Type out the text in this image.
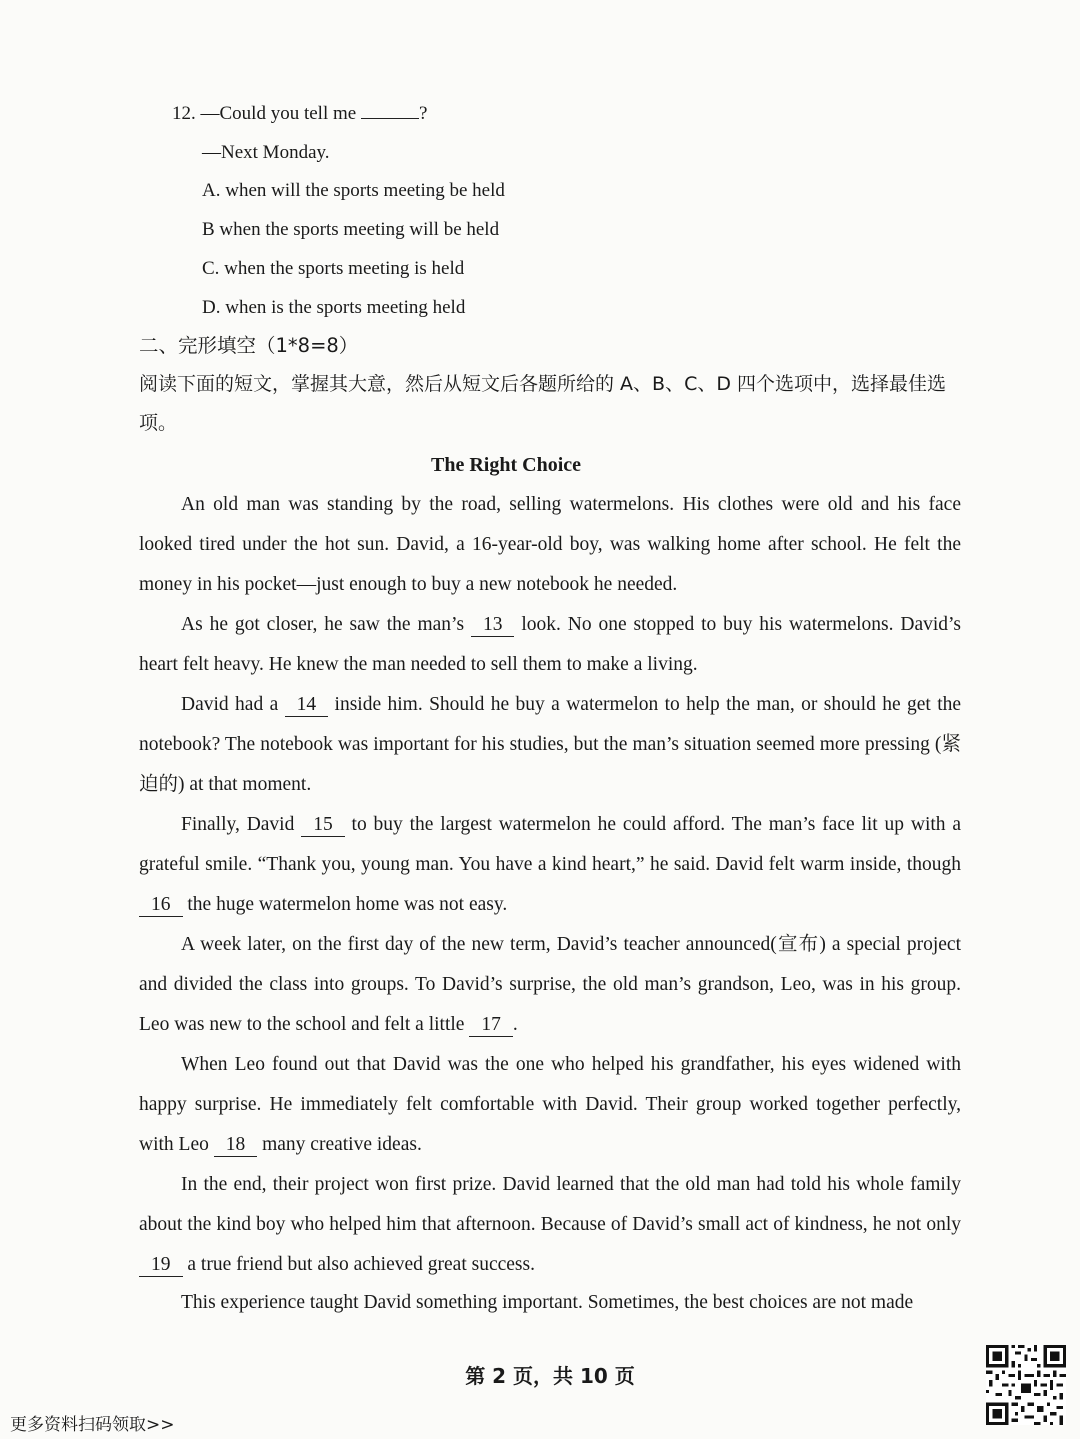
12. —Could you tell me	?
—Next Monday.
A. when will the sports meeting be held
B when the sports meeting will be held
C. when the sports meeting is held
D. when is the sports meeting held
二、完形填空（1*8=8）
阅读下面的短文，掌握其大意，然后从短文后各题所给的 A、B、C、D 四个选项中，选择最佳选项。
The Right Choice
An old man was standing by the road, selling watermelons. His clothes were old and his face looked tired under the hot sun. David, a 16-year-old boy, was walking home after school. He felt the money in his pocket—just enough to buy a new notebook he needed.
As he got closer, he saw the man’s 13 look. No one stopped to buy his watermelons. David’s heart felt heavy. He knew the man needed to sell them to make a living.
David had a 14 inside him. Should he buy a watermelon to help the man, or should he get the notebook? The notebook was important for his studies, but the man’s situation seemed more pressing (紧迫的) at that moment.
Finally, David 15 to buy the largest watermelon he could afford. The man’s face lit up with a grateful smile. “Thank you, young man. You have a kind heart,” he said. David felt warm inside, though 16 the huge watermelon home was not easy.
A week later, on the first day of the new term, David’s teacher announced(宣布) a special project and divided the class into groups. To David’s surprise, the old man’s grandson, Leo, was in his group. Leo was new to the school and felt a little 17 .
When Leo found out that David was the one who helped his grandfather, his eyes widened with happy surprise. He immediately felt comfortable with David. Their group worked together perfectly, with Leo 18 many creative ideas.
In the end, their project won first prize. David learned that the old man had told his whole family about the kind boy who helped him that afternoon. Because of David’s small act of kindness, he not only 19 a true friend but also achieved great success.
This experience taught David something important. Sometimes, the best choices are not made
第 2 页，共 10 页
更多资料扫码领取>>
